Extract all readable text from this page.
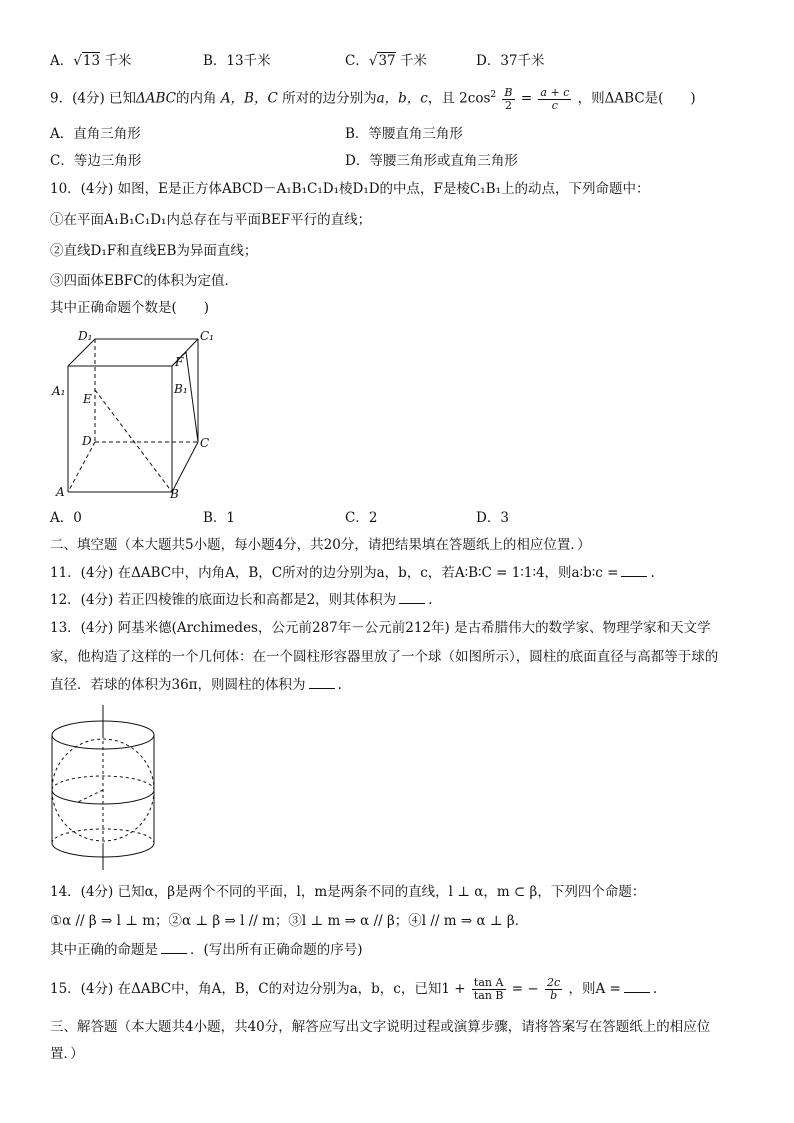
A．√13 千米	B．13千米	C．√37 千米	D．37千米
9．(4分) 已知ΔABC的内角 A，B，C 所对的边分别为a，b，c，且 $2\cos^2 \frac{B}{2} = \frac{a + c}{c}$ ，则ΔABC是(　　)
A．直角三角形	B．等腰直角三角形
C．等边三角形	D．等腰三角形或直角三角形
10．(4分) 如图，E是正方体ABCD－A₁B₁C₁D₁棱D₁D的中点，F是棱C₁B₁上的动点，下列命题中：
①在平面A₁B₁C₁D₁内总存在与平面BEF平行的直线；
②直线D₁F和直线EB为异面直线；
③四面体EBFC的体积为定值．
其中正确命题个数是(　　)
D₁	C₁
F
A₁	B₁
E
D	C
A	B
A．0	B．1	C．2	D．3
二、填空题（本大题共5小题，每小题4分，共20分，请把结果填在答题纸上的相应位置．）
11．(4分) 在ΔABC中，内角A，B，C所对的边分别为a，b，c，若A∶B∶C = 1∶1∶4，则a∶b∶c = .
12．(4分) 若正四棱锥的底面边长和高都是2，则其体积为 .
13．(4分) 阿基米德(Archimedes，公元前287年－公元前212年) 是古希腊伟大的数学家、物理学家和天文学
家，他构造了这样的一个几何体：在一个圆柱形容器里放了一个球（如图所示），圆柱的底面直径与高都等于球的
直径．若球的体积为36π，则圆柱的体积为 .
14．(4分) 已知α，β是两个不同的平面，l，m是两条不同的直线，l ⊥ α，m ⊂ β，下列四个命题：
①α // β ⇒ l ⊥ m；②α ⊥ β ⇒ l // m；③l ⊥ m ⇒ α // β；④l // m ⇒ α ⊥ β．
其中正确的命题是 ．(写出所有正确命题的序号)
15．(4分) 在ΔABC中，角A，B，C的对边分别为a，b，c，已知$1 + \frac{\text{tan A}}{\text{tan B}}$ = − $\frac{2c}{b}$ ，则A = .
三、解答题（本大题共4小题，共40分，解答应写出文字说明过程或演算步骤，请将答案写在答题纸上的相应位
置．）
